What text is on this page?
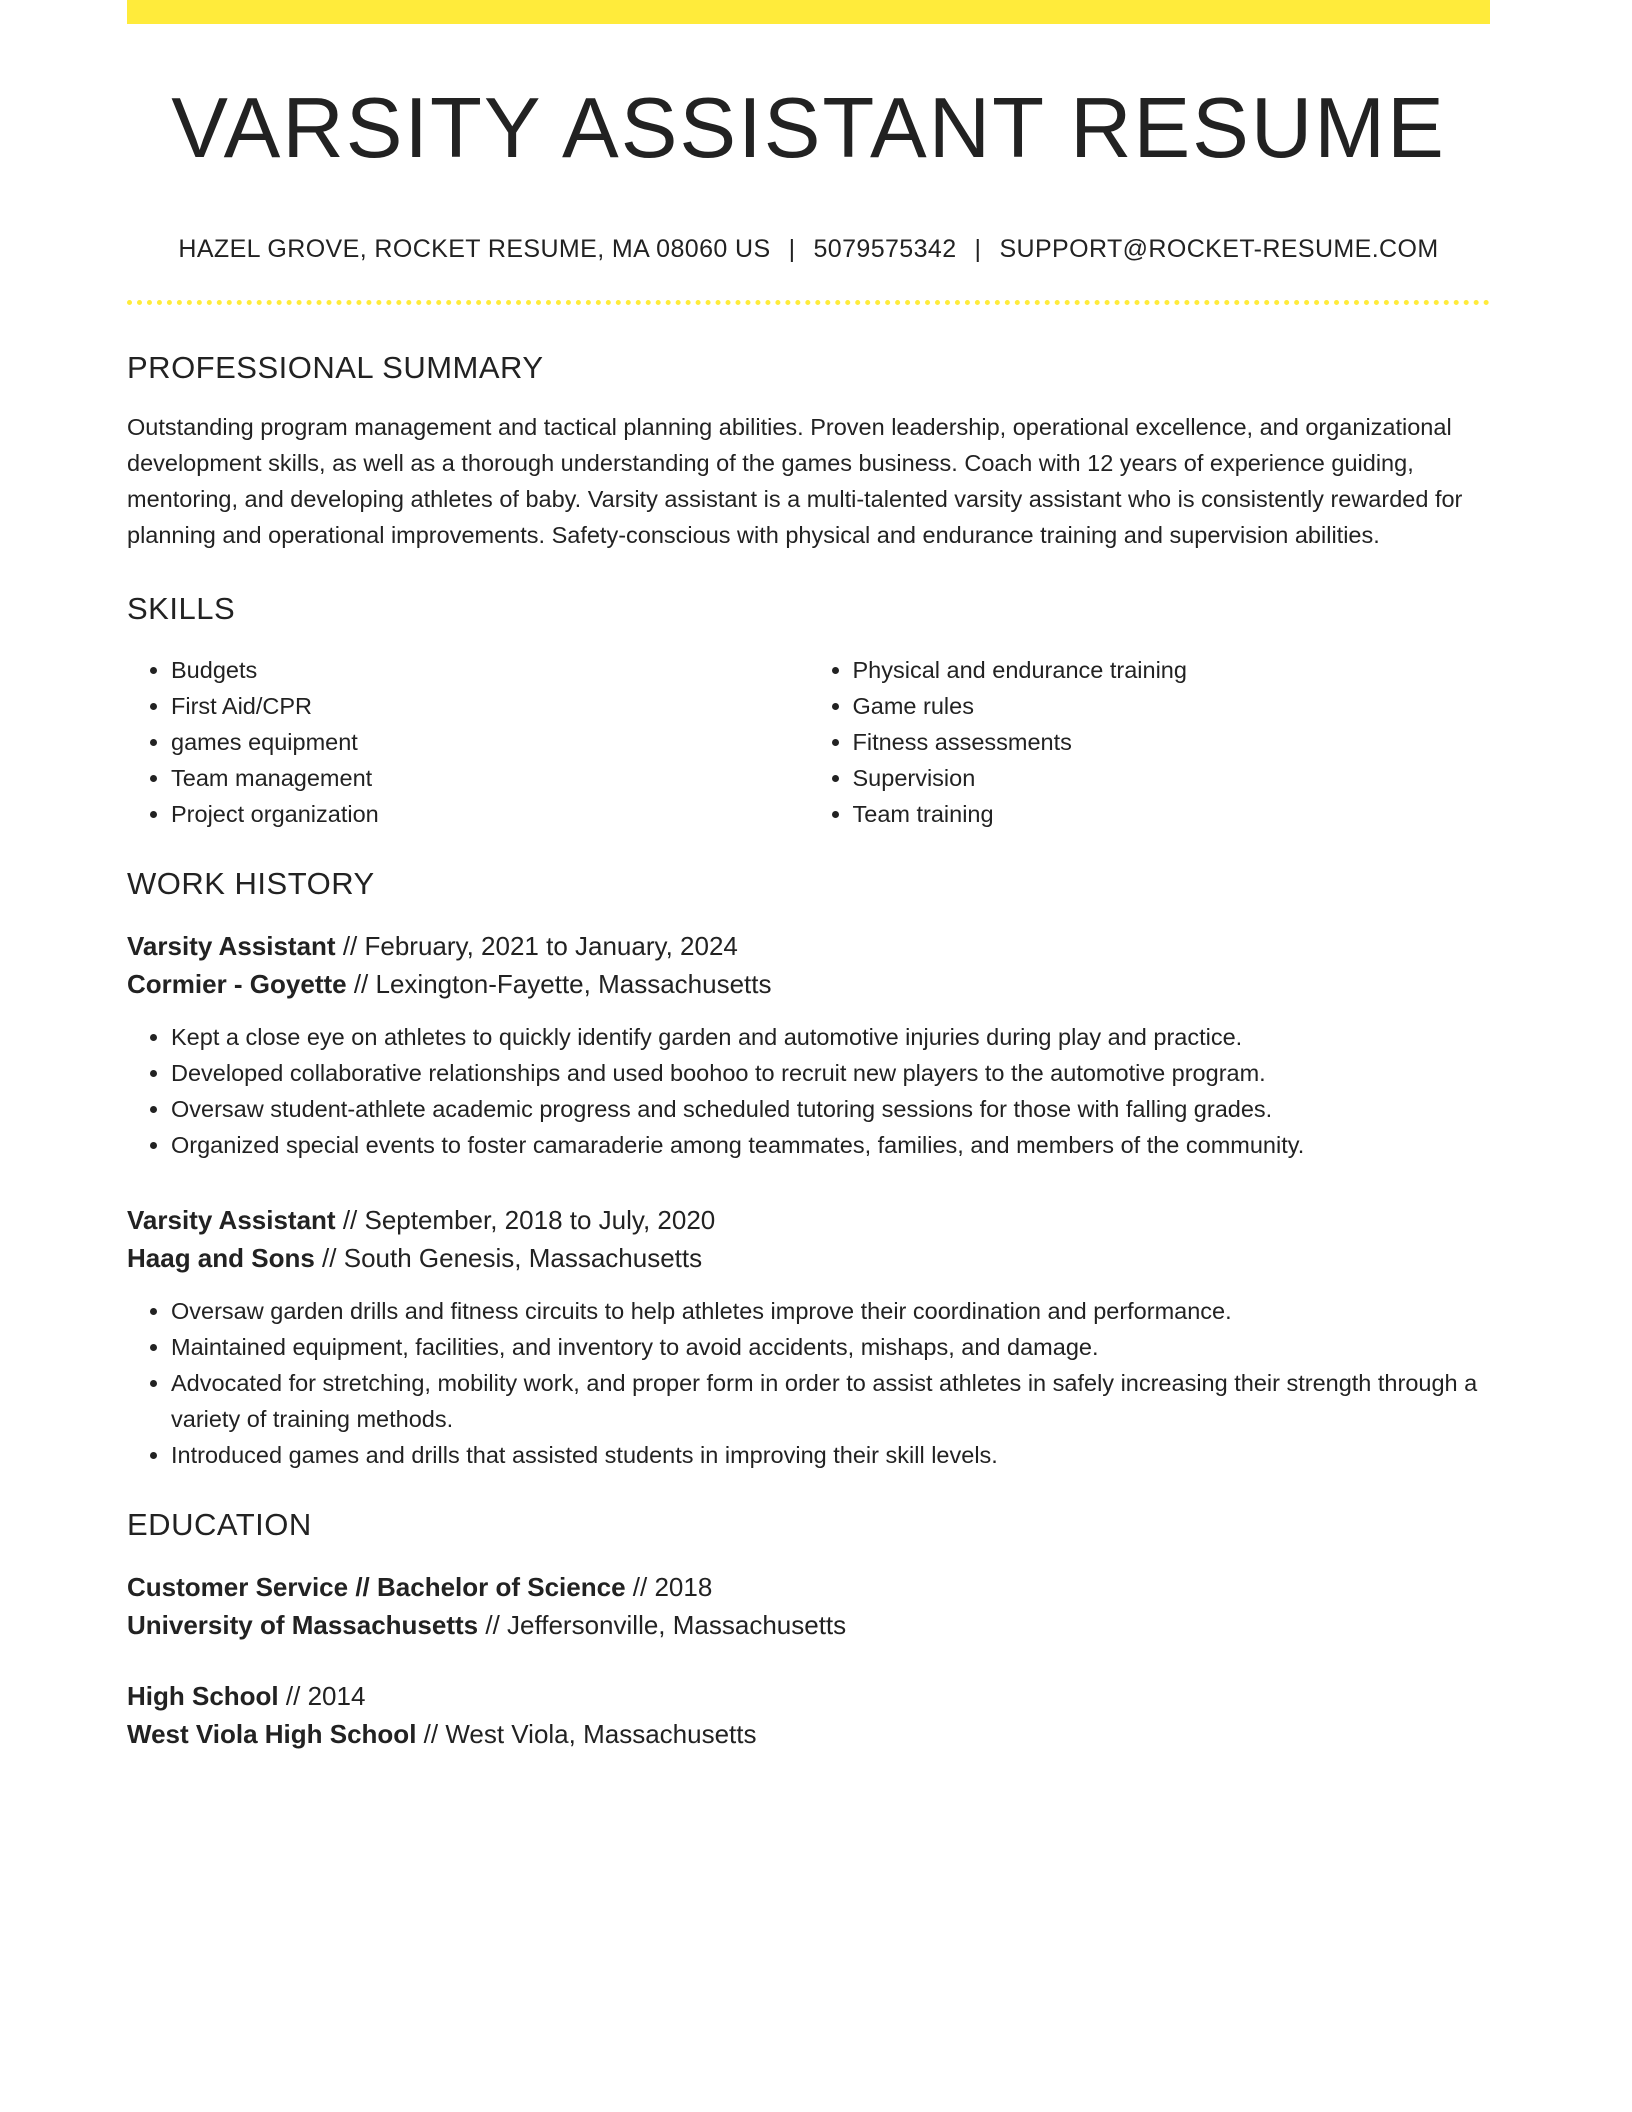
VARSITY ASSISTANT RESUME
HAZEL GROVE, ROCKET RESUME, MA 08060 US | 5079575342 | SUPPORT@ROCKET-RESUME.COM
PROFESSIONAL SUMMARY

Outstanding program management and tactical planning abilities. Proven leadership, operational excellence, and organizational development skills, as well as a thorough understanding of the games business. Coach with 12 years of experience guiding, mentoring, and developing athletes of baby. Varsity assistant is a multi-talented varsity assistant who is consistently rewarded for planning and operational improvements. Safety-conscious with physical and endurance training and supervision abilities.

SKILLS
• Budgets
• First Aid/CPR
• games equipment
• Team management
• Project organization
• Physical and endurance training
• Game rules
• Fitness assessments
• Supervision
• Team training
WORK HISTORY
Varsity Assistant // February, 2021 to January, 2024
Cormier - Goyette // Lexington-Fayette, Massachusetts
• Kept a close eye on athletes to quickly identify garden and automotive injuries during play and practice.
• Developed collaborative relationships and used boohoo to recruit new players to the automotive program.
• Oversaw student-athlete academic progress and scheduled tutoring sessions for those with falling grades.
• Organized special events to foster camaraderie among teammates, families, and members of the community.
Varsity Assistant // September, 2018 to July, 2020
Haag and Sons // South Genesis, Massachusetts
• Oversaw garden drills and fitness circuits to help athletes improve their coordination and performance.
• Maintained equipment, facilities, and inventory to avoid accidents, mishaps, and damage.
• Advocated for stretching, mobility work, and proper form in order to assist athletes in safely increasing their strength through a variety of training methods.
• Introduced games and drills that assisted students in improving their skill levels.
EDUCATION
Customer Service // Bachelor of Science // 2018
University of Massachusetts // Jeffersonville, Massachusetts
High School // 2014
West Viola High School // West Viola, Massachusetts
